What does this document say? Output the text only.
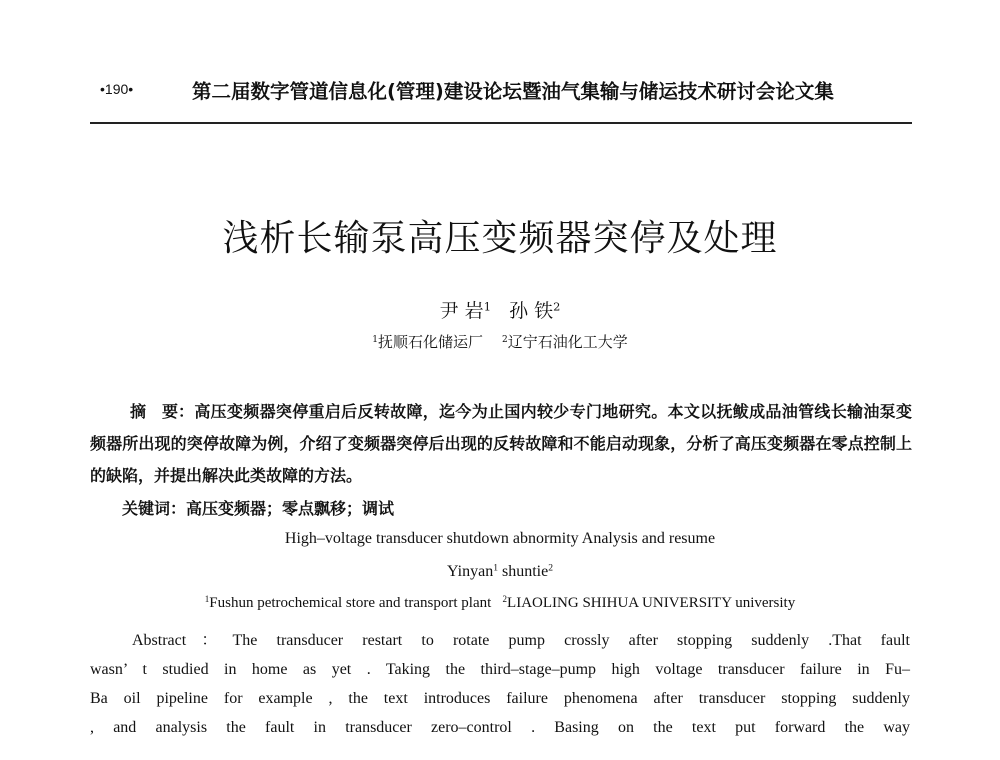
•190•	第二届数字管道信息化(管理)建设论坛暨油气集输与储运技术研讨会论文集
浅析长输泵高压变频器突停及处理
尹 岩$^1$ 孙 铁$^2$
$^1$抚顺石化储运厂 $^2$辽宁石油化工大学
摘　要：高压变频器突停重启后反转故障，迄今为止国内较少专门地研究。本文以抚鲅成品油管线长输油泵变频器所出现的突停故障为例，介绍了变频器突停后出现的反转故障和不能启动现象，分析了高压变频器在零点控制上的缺陷，并提出解决此类故障的方法。
关键词：高压变频器；零点飘移；调试
High–voltage transducer shutdown abnormity Analysis and resume
Yinyan$^1$ shuntie$^2$
$^1$Fushun petrochemical store and transport plant $^2$LIAOLING SHIHUA UNIVERSITY university
Abstract：The transducer restart to rotate pump crossly after stopping suddenly .That fault
wasn’ t studied in home as yet . Taking the third–stage–pump high voltage transducer failure in Fu–
Ba oil pipeline for example , the text introduces failure phenomena after transducer stopping suddenly
, and analysis the fault in transducer zero–control . Basing on the text put forward the way
